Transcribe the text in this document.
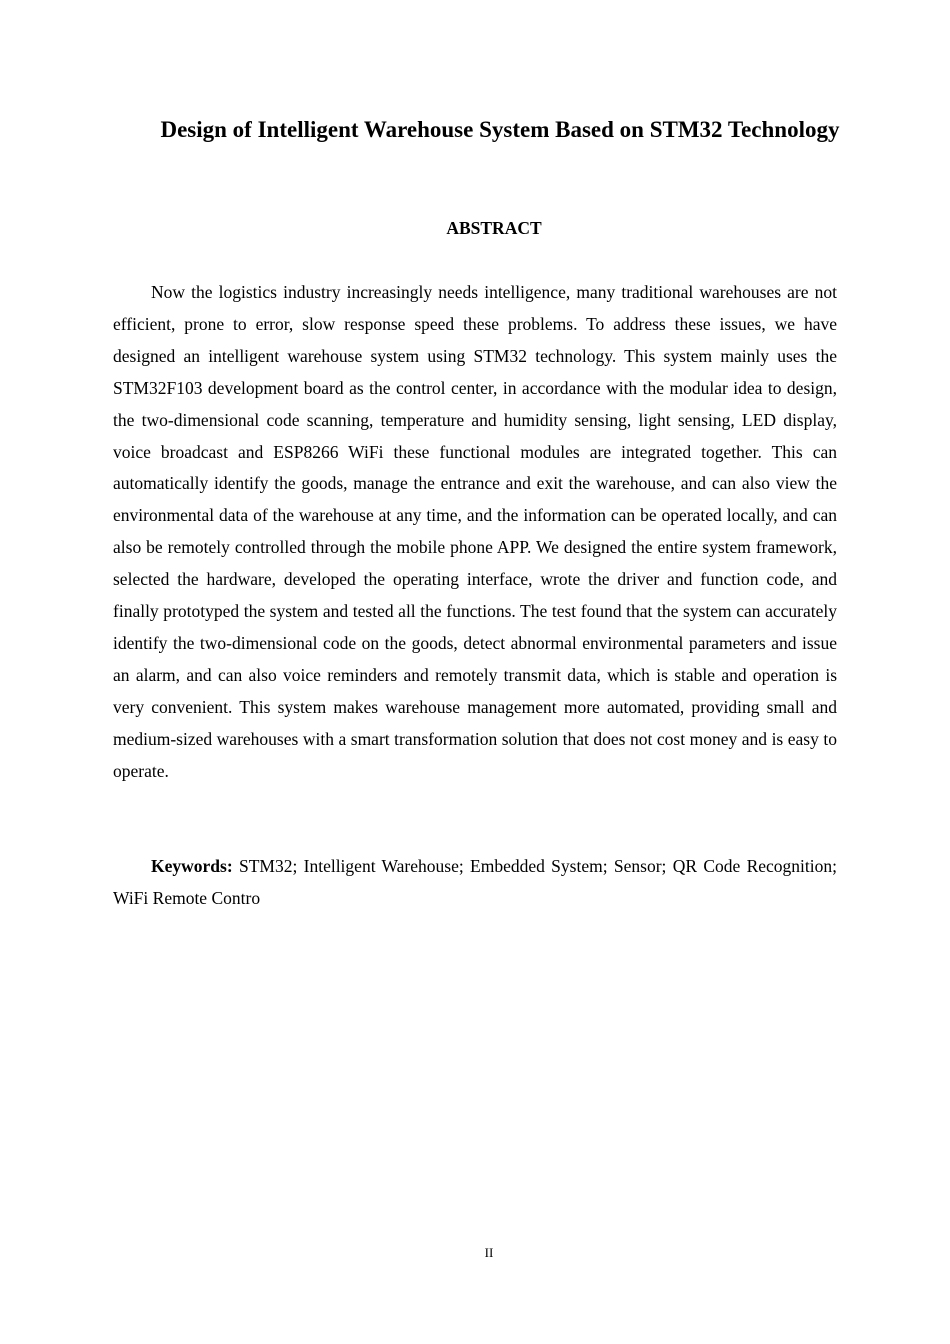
Design of Intelligent Warehouse System Based on STM32 Technology
ABSTRACT

Now the logistics industry increasingly needs intelligence, many traditional warehouses are not efficient, prone to error, slow response speed these problems. To address these issues, we have designed an intelligent warehouse system using STM32 technology. This system mainly uses the STM32F103 development board as the control center, in accordance with the modular idea to design, the two-dimensional code scanning, temperature and humidity sensing, light sensing, LED display, voice broadcast and ESP8266 WiFi these functional modules are integrated together. This can automatically identify the goods, manage the entrance and exit the warehouse, and can also view the environmental data of the warehouse at any time, and the information can be operated locally, and can also be remotely controlled through the mobile phone APP. We designed the entire system framework, selected the hardware, developed the operating interface, wrote the driver and function code, and finally prototyped the system and tested all the functions. The test found that the system can accurately identify the two-dimensional code on the goods, detect abnormal environmental parameters and issue an alarm, and can also voice reminders and remotely transmit data, which is stable and operation is very convenient. This system makes warehouse management more automated, providing small and medium-sized warehouses with a smart transformation solution that does not cost money and is easy to operate.

Keywords: STM32; Intelligent Warehouse; Embedded System; Sensor; QR Code Recognition; WiFi Remote Contro

II
